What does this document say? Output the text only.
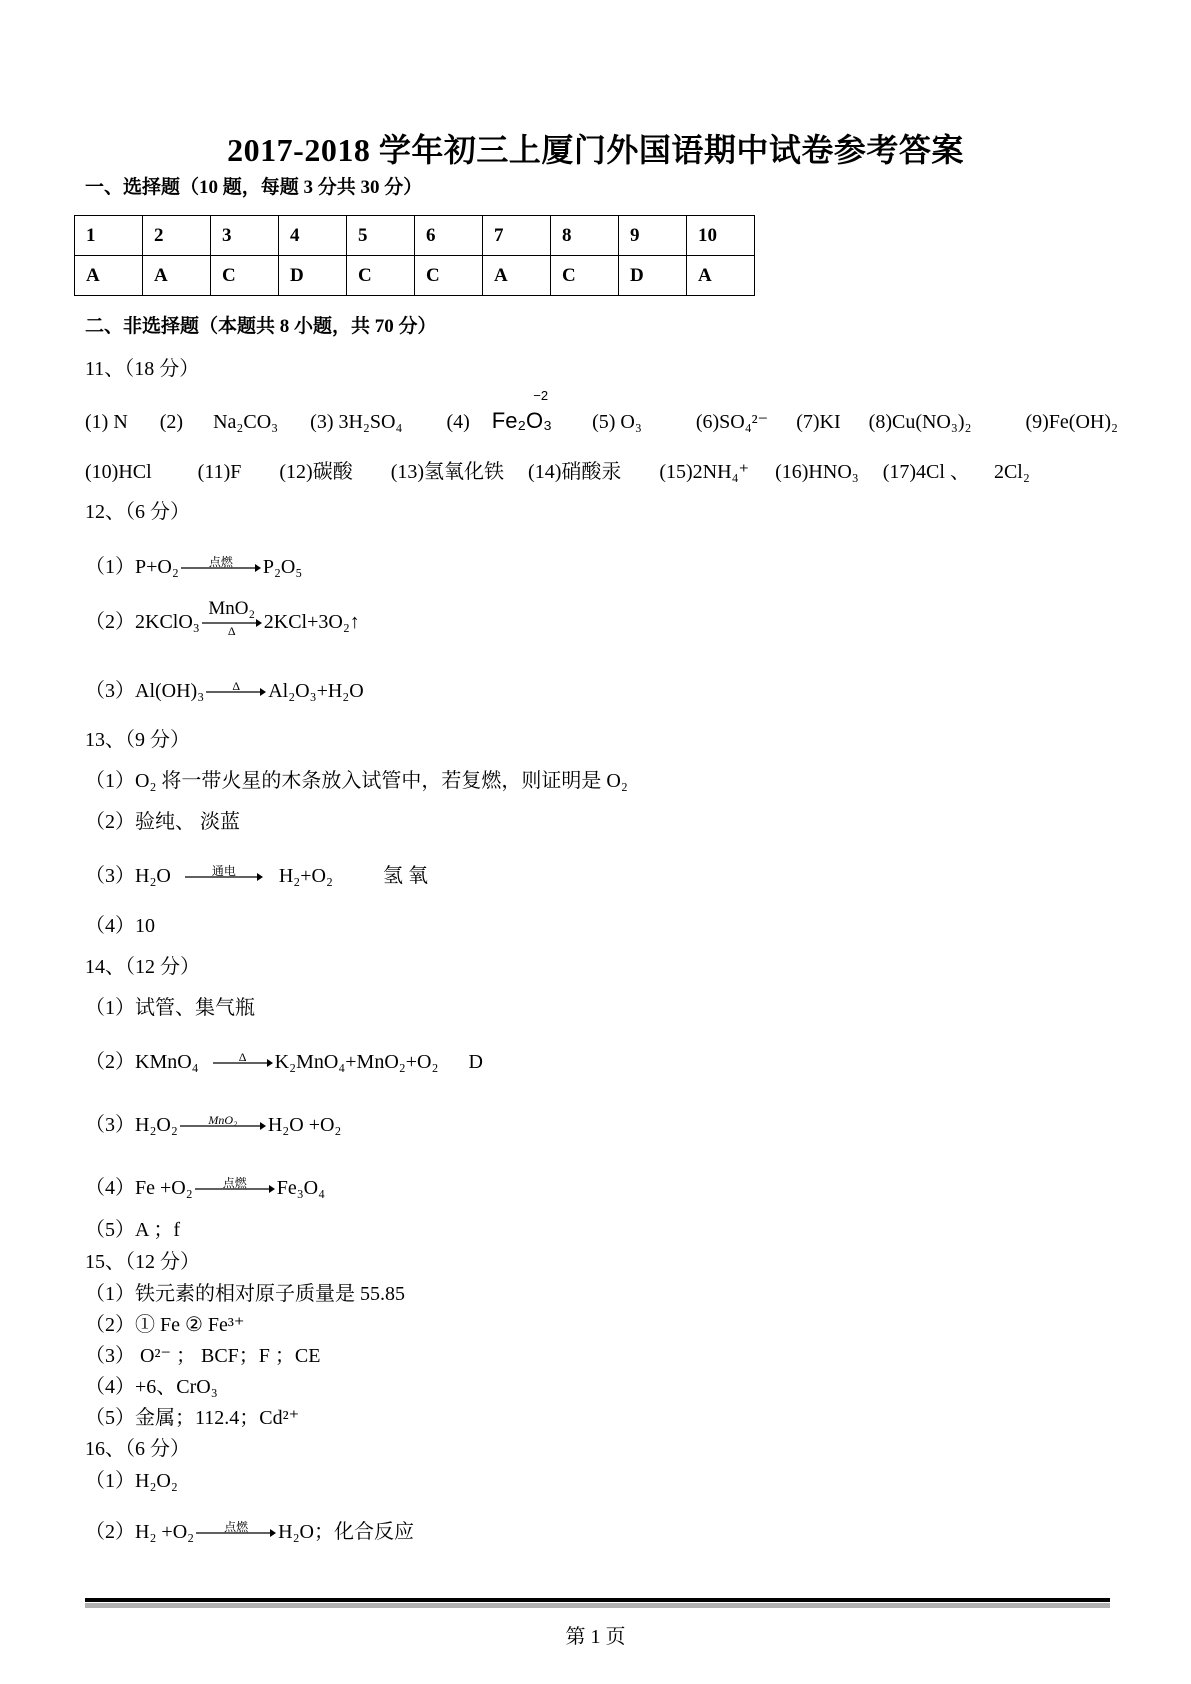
2017-2018 学年初三上厦门外国语期中试卷参考答案
一、选择题（10 题，每题 3 分共 30 分）
1	2	3	4	5	6	7	8	9	10
A	A	C	D	C	C	A	C	D	A
二、非选择题（本题共 8 小题，共 70 分）
11、（18 分）
(1) N (2) Na₂CO₃ (3) 3H₂SO₄ (4)
−2
Fe₂O₃ (5) O₃	(6)SO₄²⁻ (7)KI (8)Cu(NO₃)₂	(9)Fe(OH)₂
(10)HCl (11)F (12)碳酸 (13)氢氧化铁 (14)硝酸汞 (15)2NH₄⁺ (16)HNO₃ (17)4Cl 、 2Cl₂
12、（6 分）
（1）P+O₂	点燃	P₂O₅
（2）2KClO₃
MnO₂
Δ	2KCl+3O₂↑
（3）Al(OH)₃	Δ	Al₂O₃+H₂O
13、（9 分）
（1）O₂ 将一带火星的木条放入试管中，若复燃，则证明是 O₂
（2）验纯、 淡蓝
（3）H₂O	通电	H₂+O₂	氢 氧
（4）10
14、（12 分）
（1）试管、集气瓶
（2）KMnO₄	Δ	K₂MnO₄+MnO₂+O₂ D
（3）H₂O₂	MnO₂	H₂O +O₂
（4）Fe +O₂	点燃	Fe₃O₄
（5）A ；f
15、（12 分）
（1）铁元素的相对原子质量是 55.85
（2）① Fe ② Fe³⁺
（3） O²⁻ ； BCF；F ；CE
（4）+6、CrO₃
（5）金属；112.4；Cd²⁺
16、（6 分）
（1）H₂O₂
（2）H₂ +O₂	点燃	H₂O；化合反应
第 1 页
